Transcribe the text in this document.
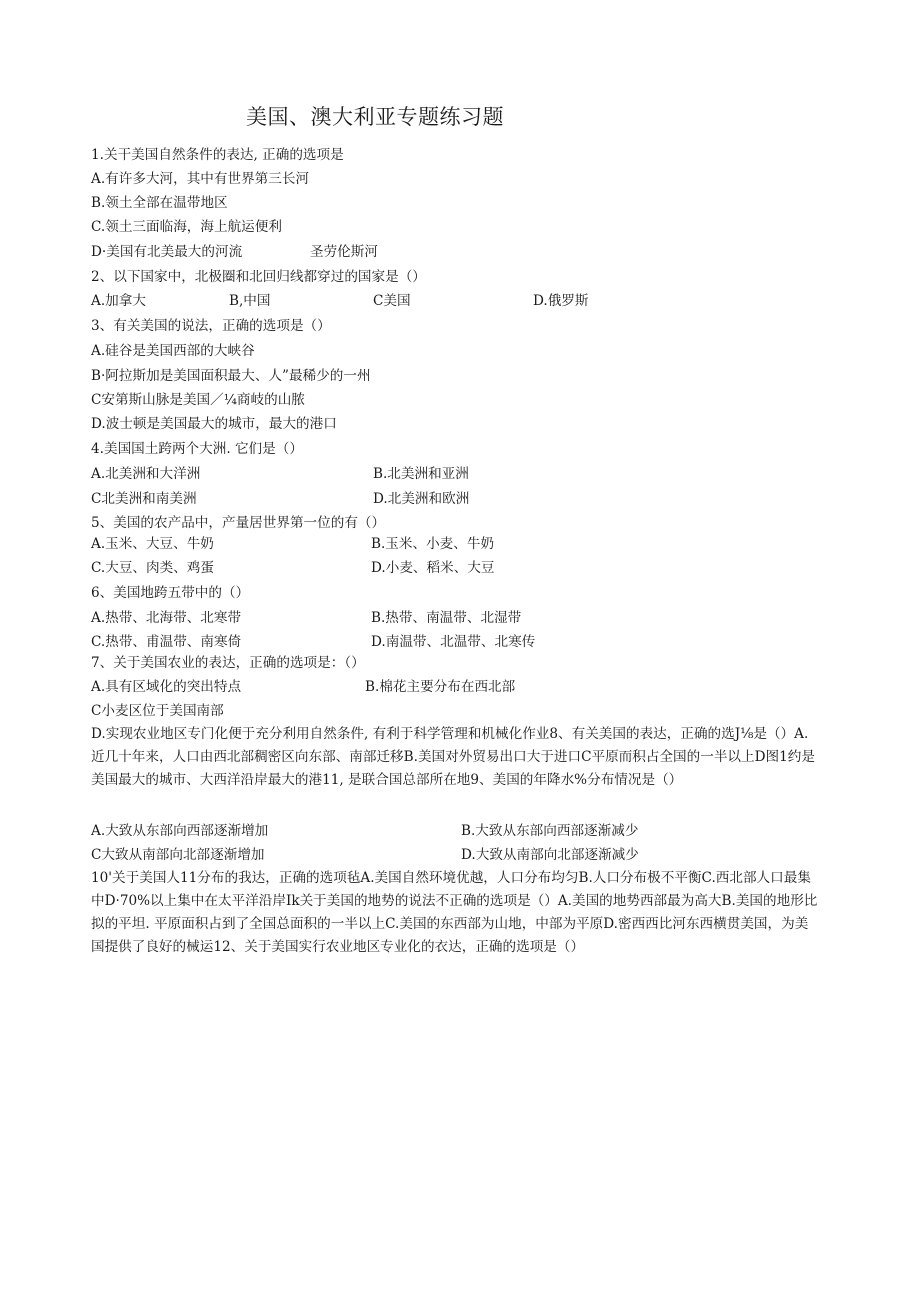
美国、澳大利亚专题练习题
1.关干美国自然条件的表达, 正确的选项是
A.有许多大河，其中有世界第三长河
B.领土全部在温带地区
C.领土三面临海，海上航运便利
D·美国有北美最大的河流	圣劳伦斯河
2、以下国家中，北极圈和北回归线都穿过的国家是（）
A.加拿大	B,中国	C美国	D.俄罗斯
3、有关美国的说法，正确的选项是（）
A.硅谷是美国西部的大峡谷
B·阿拉斯加是美国面积最大、人”最稀少的一州
C安第斯山脉是美国／¼商岐的山脓
D.波士顿是美国最大的城市，最大的港口
4.美国国土跨两个大洲. 它们是（）
A.北美洲和大洋洲	B.北美洲和亚洲
C北美洲和南美洲	D.北美洲和欧洲
5、美国的农产品中，产量居世界第一位的有（）
A.玉米、大豆、牛奶	B.玉米、小麦、牛奶
C.大豆、肉类、鸡蛋	D.小麦、稻米、大豆
6、美国地跨五带中的（）
A.热带、北海带、北寒带	B.热带、南温带、北湿带
C.热带、甫温带、南寒倚	D.南温带、北温带、北寒传
7、关于美国农业的表达，正确的选项是：（）
A.具有区域化的突出特点	B.棉花主要分布在西北部
C小麦区位于美国南部
D.实现农业地区专门化便于充分利用自然条件, 有利于科学管理和机械化作业8、有关美国的表达，正确的选J⅛是（）A.近几十年来，人口由西北部稠密区向东部、南部迁移B.美国对外贸易出口大于进口C平原而积占全国的一半以上D图1约是美国最大的城市、大西洋沿岸最大的港11, 是联合国总部所在地9、美国的年降水%分布情况是（）
A.大致从东部向西部逐渐增加	B.大致从东部向西部逐渐减少
C大致从南部向北部逐渐增加	D.大致从南部向北部逐渐减少
10'关于美国人11分布的我达，正确的选项毡A.美国自然环境优越，人口分布均匀B.人口分布极不平衡C.西北部人口最集中D·70%以上集中在太平洋沿岸Ik关于美国的地势的说法不正确的选项是（）A.美国的地势西部最为高大B.美国的地形比拟的平坦. 平原面积占到了全国总面积的一半以上C.美国的东西部为山地，中部为平原D.密西西比河东西横贯美国，为美国提供了良好的械运12、关于美国实行农业地区专业化的衣达，正确的选项是（）
